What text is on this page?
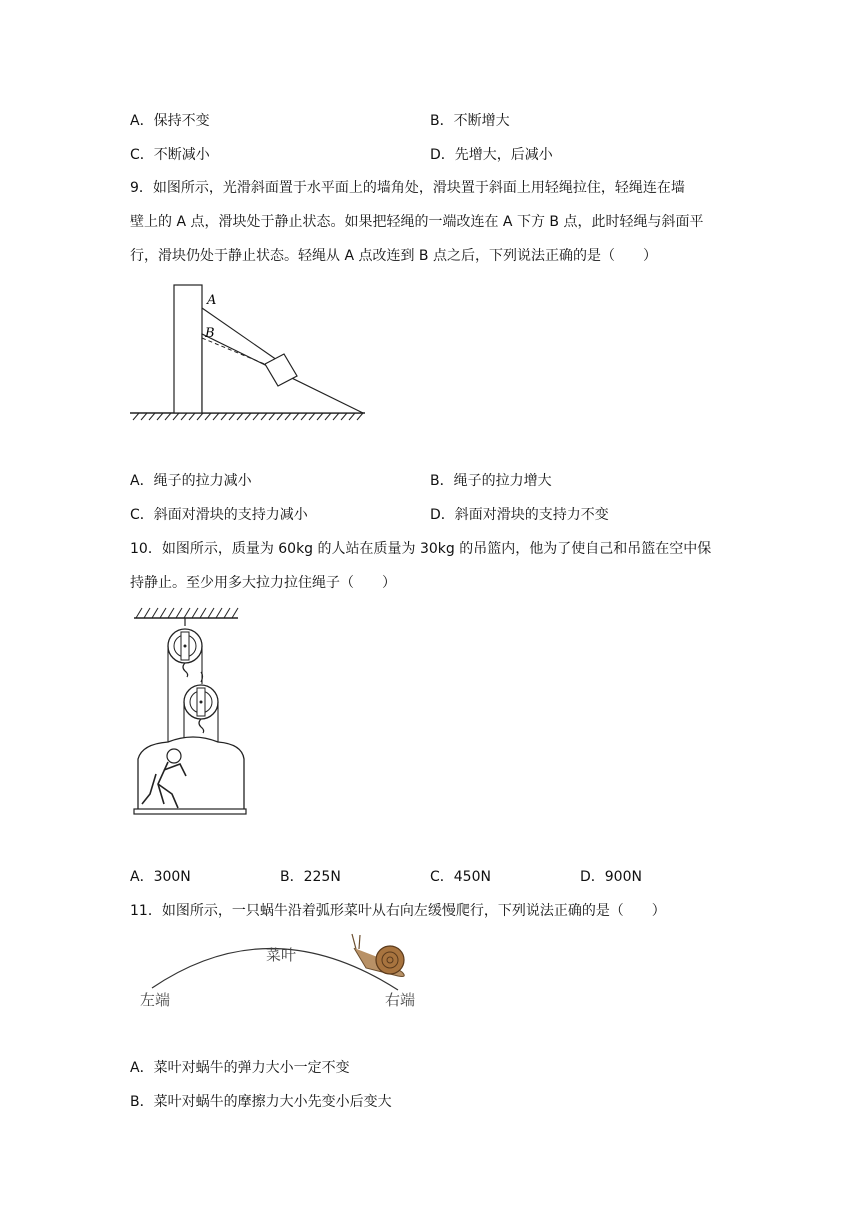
A．保持不变	B．不断增大
C．不断减小	D．先增大，后减小
9．如图所示，光滑斜面置于水平面上的墙角处，滑块置于斜面上用轻绳拉住，轻绳连在墙
壁上的 A 点，滑块处于静止状态。如果把轻绳的一端改连在 A 下方 B 点，此时轻绳与斜面平
行，滑块仍处于静止状态。轻绳从 A 点改连到 B 点之后，下列说法正确的是（　　）
A
B
A．绳子的拉力减小	B．绳子的拉力增大
C．斜面对滑块的支持力减小	D．斜面对滑块的支持力不变
10．如图所示，质量为 60kg 的人站在质量为 30kg 的吊篮内，他为了使自己和吊篮在空中保
持静止。至少用多大拉力拉住绳子（　　）
A．300N	B．225N	C．450N	D．900N
11．如图所示，一只蜗牛沿着弧形菜叶从右向左缓慢爬行，下列说法正确的是（　　）
菜叶
左端	右端
A．菜叶对蜗牛的弹力大小一定不变
B．菜叶对蜗牛的摩擦力大小先变小后变大
